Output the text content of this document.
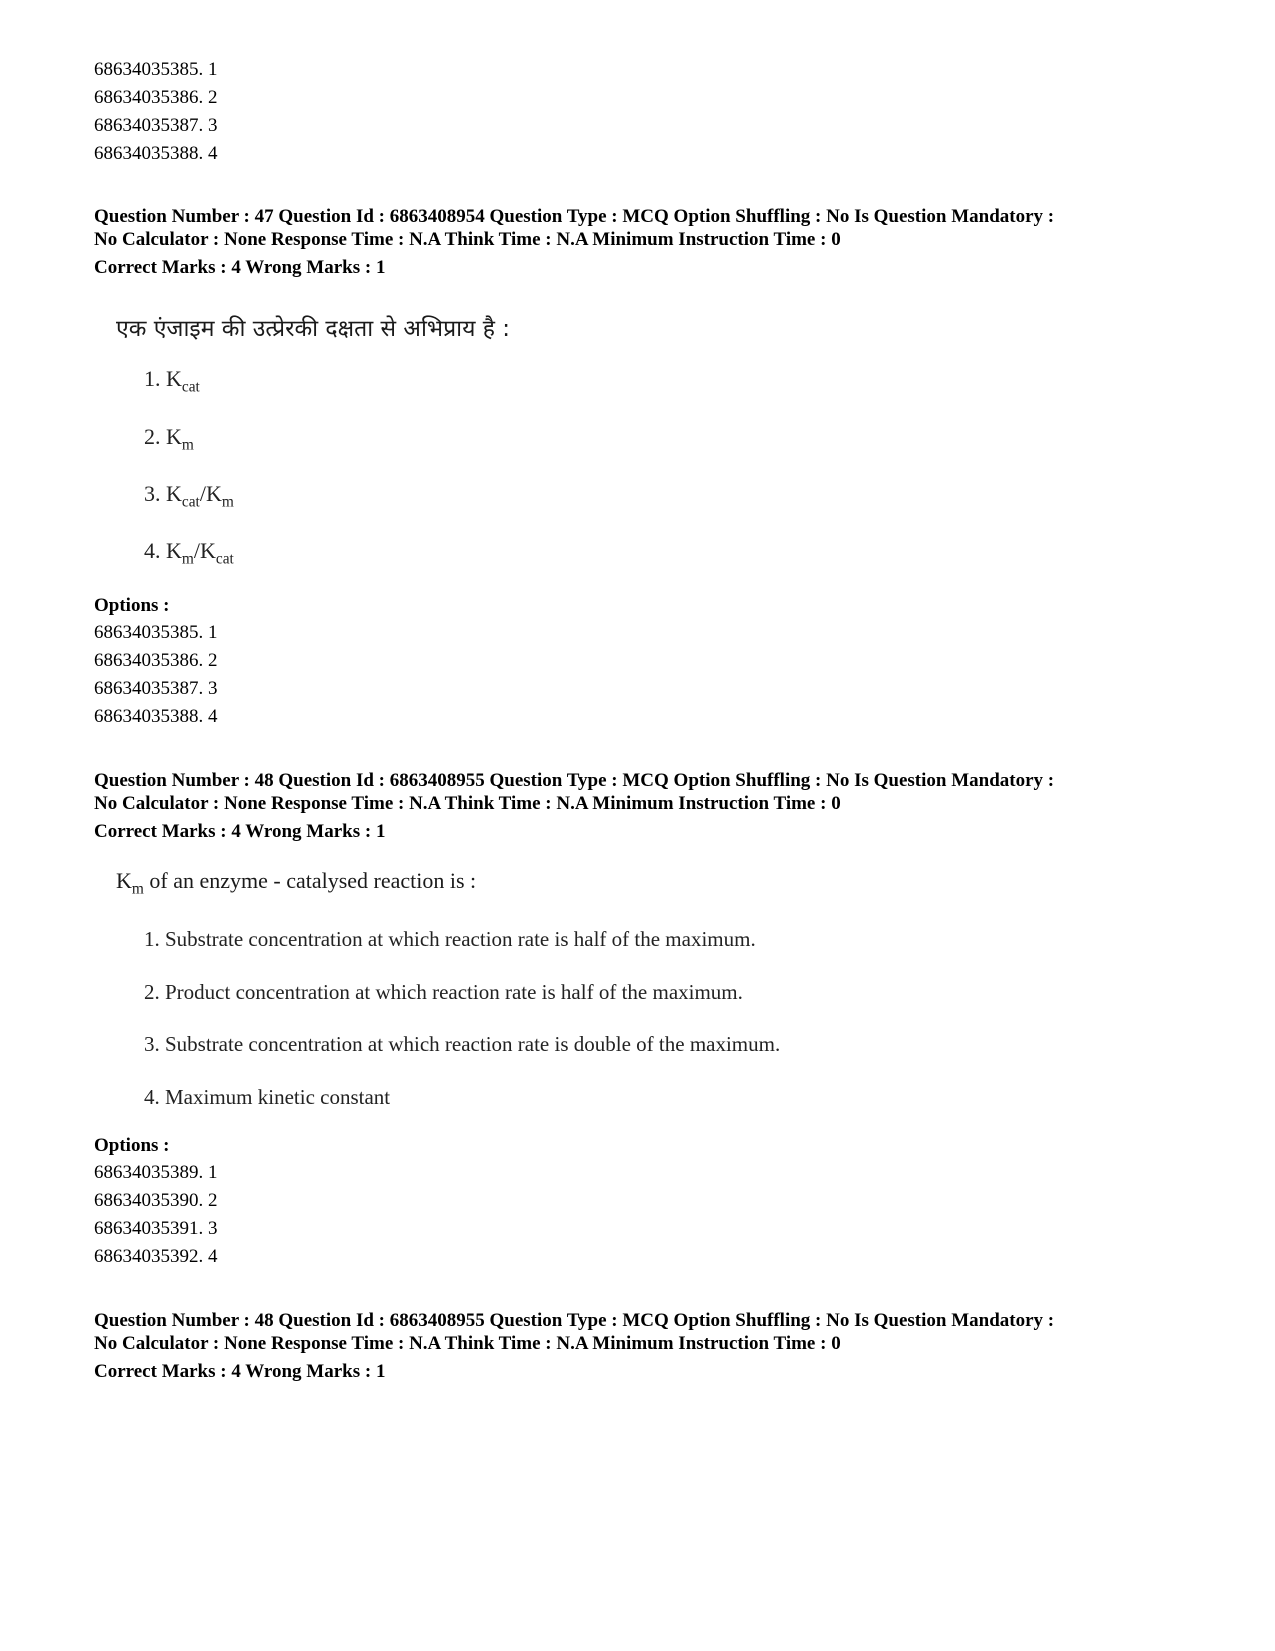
68634035385. 1
68634035386. 2
68634035387. 3
68634035388. 4
Question Number : 47 Question Id : 6863408954 Question Type : MCQ Option Shuffling : No Is Question Mandatory :
No Calculator : None Response Time : N.A Think Time : N.A Minimum Instruction Time : 0
Correct Marks : 4 Wrong Marks : 1
एक एंजाइम की उत्प्रेरकी दक्षता से अभिप्राय है :
1. $K_{cat}$
2. $K_m$
3. $K_{cat}/K_m$
4. $K_m/K_{cat}$
Options :
68634035385. 1
68634035386. 2
68634035387. 3
68634035388. 4
Question Number : 48 Question Id : 6863408955 Question Type : MCQ Option Shuffling : No Is Question Mandatory :
No Calculator : None Response Time : N.A Think Time : N.A Minimum Instruction Time : 0
Correct Marks : 4 Wrong Marks : 1
$K_m$ of an enzyme - catalysed reaction is :
1. Substrate concentration at which reaction rate is half of the maximum.
2. Product concentration at which reaction rate is half of the maximum.
3. Substrate concentration at which reaction rate is double of the maximum.
4. Maximum kinetic constant
Options :
68634035389. 1
68634035390. 2
68634035391. 3
68634035392. 4
Question Number : 48 Question Id : 6863408955 Question Type : MCQ Option Shuffling : No Is Question Mandatory :
No Calculator : None Response Time : N.A Think Time : N.A Minimum Instruction Time : 0
Correct Marks : 4 Wrong Marks : 1
